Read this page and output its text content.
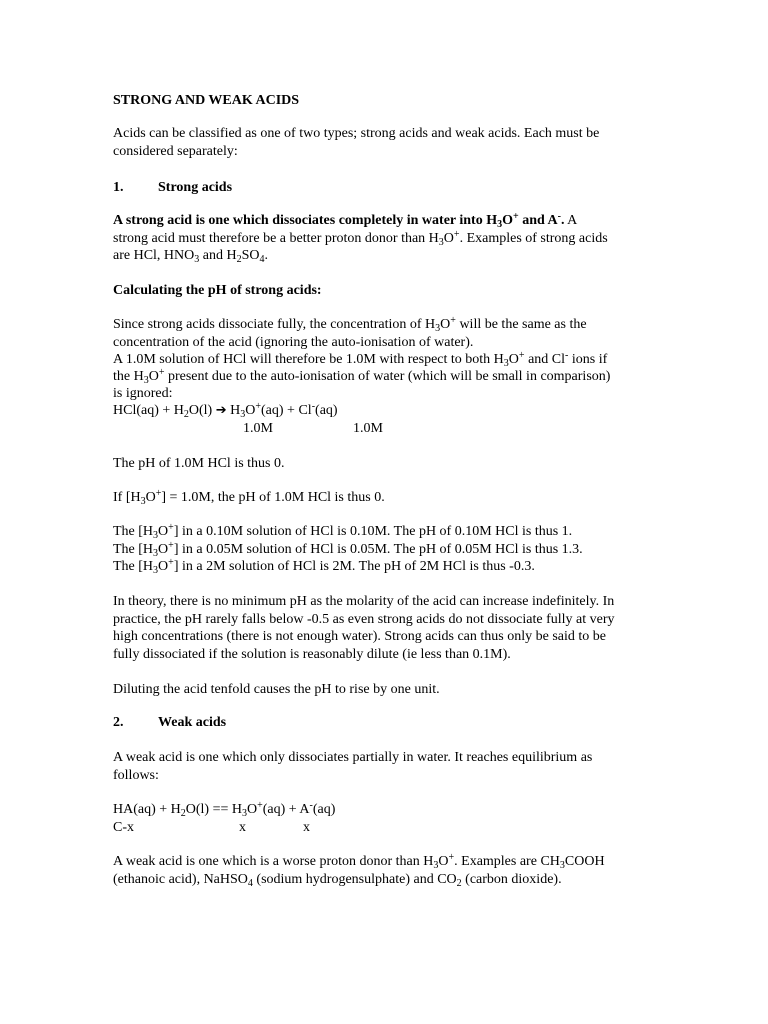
STRONG AND WEAK ACIDS
Acids can be classified as one of two types; strong acids and weak acids. Each must be
considered separately:
1. Strong acids
A strong acid is one which dissociates completely in water into $H_3O^+$ and A-. A
strong acid must therefore be a better proton donor than $H_3O^+$. Examples of strong acids
are HCl, $HNO_3$ and $H_2SO_4$.
Calculating the pH of strong acids:
Since strong acids dissociate fully, the concentration of $H_3O^+$ will be the same as the
concentration of the acid (ignoring the auto-ionisation of water).
A 1.0M solution of HCl will therefore be 1.0M with respect to both $H_3O^+$ and Cl- ions if
the $H_3O^+$ present due to the auto-ionisation of water (which will be small in comparison)
is ignored:
$HCl(aq) + H_2O(l)$ ➔ $H_3O^+(aq) + Cl^-(aq)$
1.0M	1.0M
The pH of 1.0M HCl is thus 0.
If $[H_3O^+] = 1.0M$, the pH of 1.0M HCl is thus 0.
The $[H_3O^+]$ in a 0.10M solution of HCl is 0.10M. The pH of 0.10M HCl is thus 1.
The $[H_3O^+]$ in a 0.05M solution of HCl is 0.05M. The pH of 0.05M HCl is thus 1.3.
The $[H_3O^+]$ in a 2M solution of HCl is 2M. The pH of 2M HCl is thus -0.3.
In theory, there is no minimum pH as the molarity of the acid can increase indefinitely. In
practice, the pH rarely falls below -0.5 as even strong acids do not dissociate fully at very
high concentrations (there is not enough water). Strong acids can thus only be said to be
fully dissociated if the solution is reasonably dilute (ie less than 0.1M).
Diluting the acid tenfold causes the pH to rise by one unit.
2. Weak acids
A weak acid is one which only dissociates partially in water. It reaches equilibrium as
follows:
$HA(aq) + H_2O(l) == H_3O^+(aq) + A^-(aq)$
C-x	x	x
A weak acid is one which is a worse proton donor than $H_3O^+$. Examples are $CH_3COOH$
(ethanoic acid), NaHSO$_4$ (sodium hydrogensulphate) and $CO_2$ (carbon dioxide).
